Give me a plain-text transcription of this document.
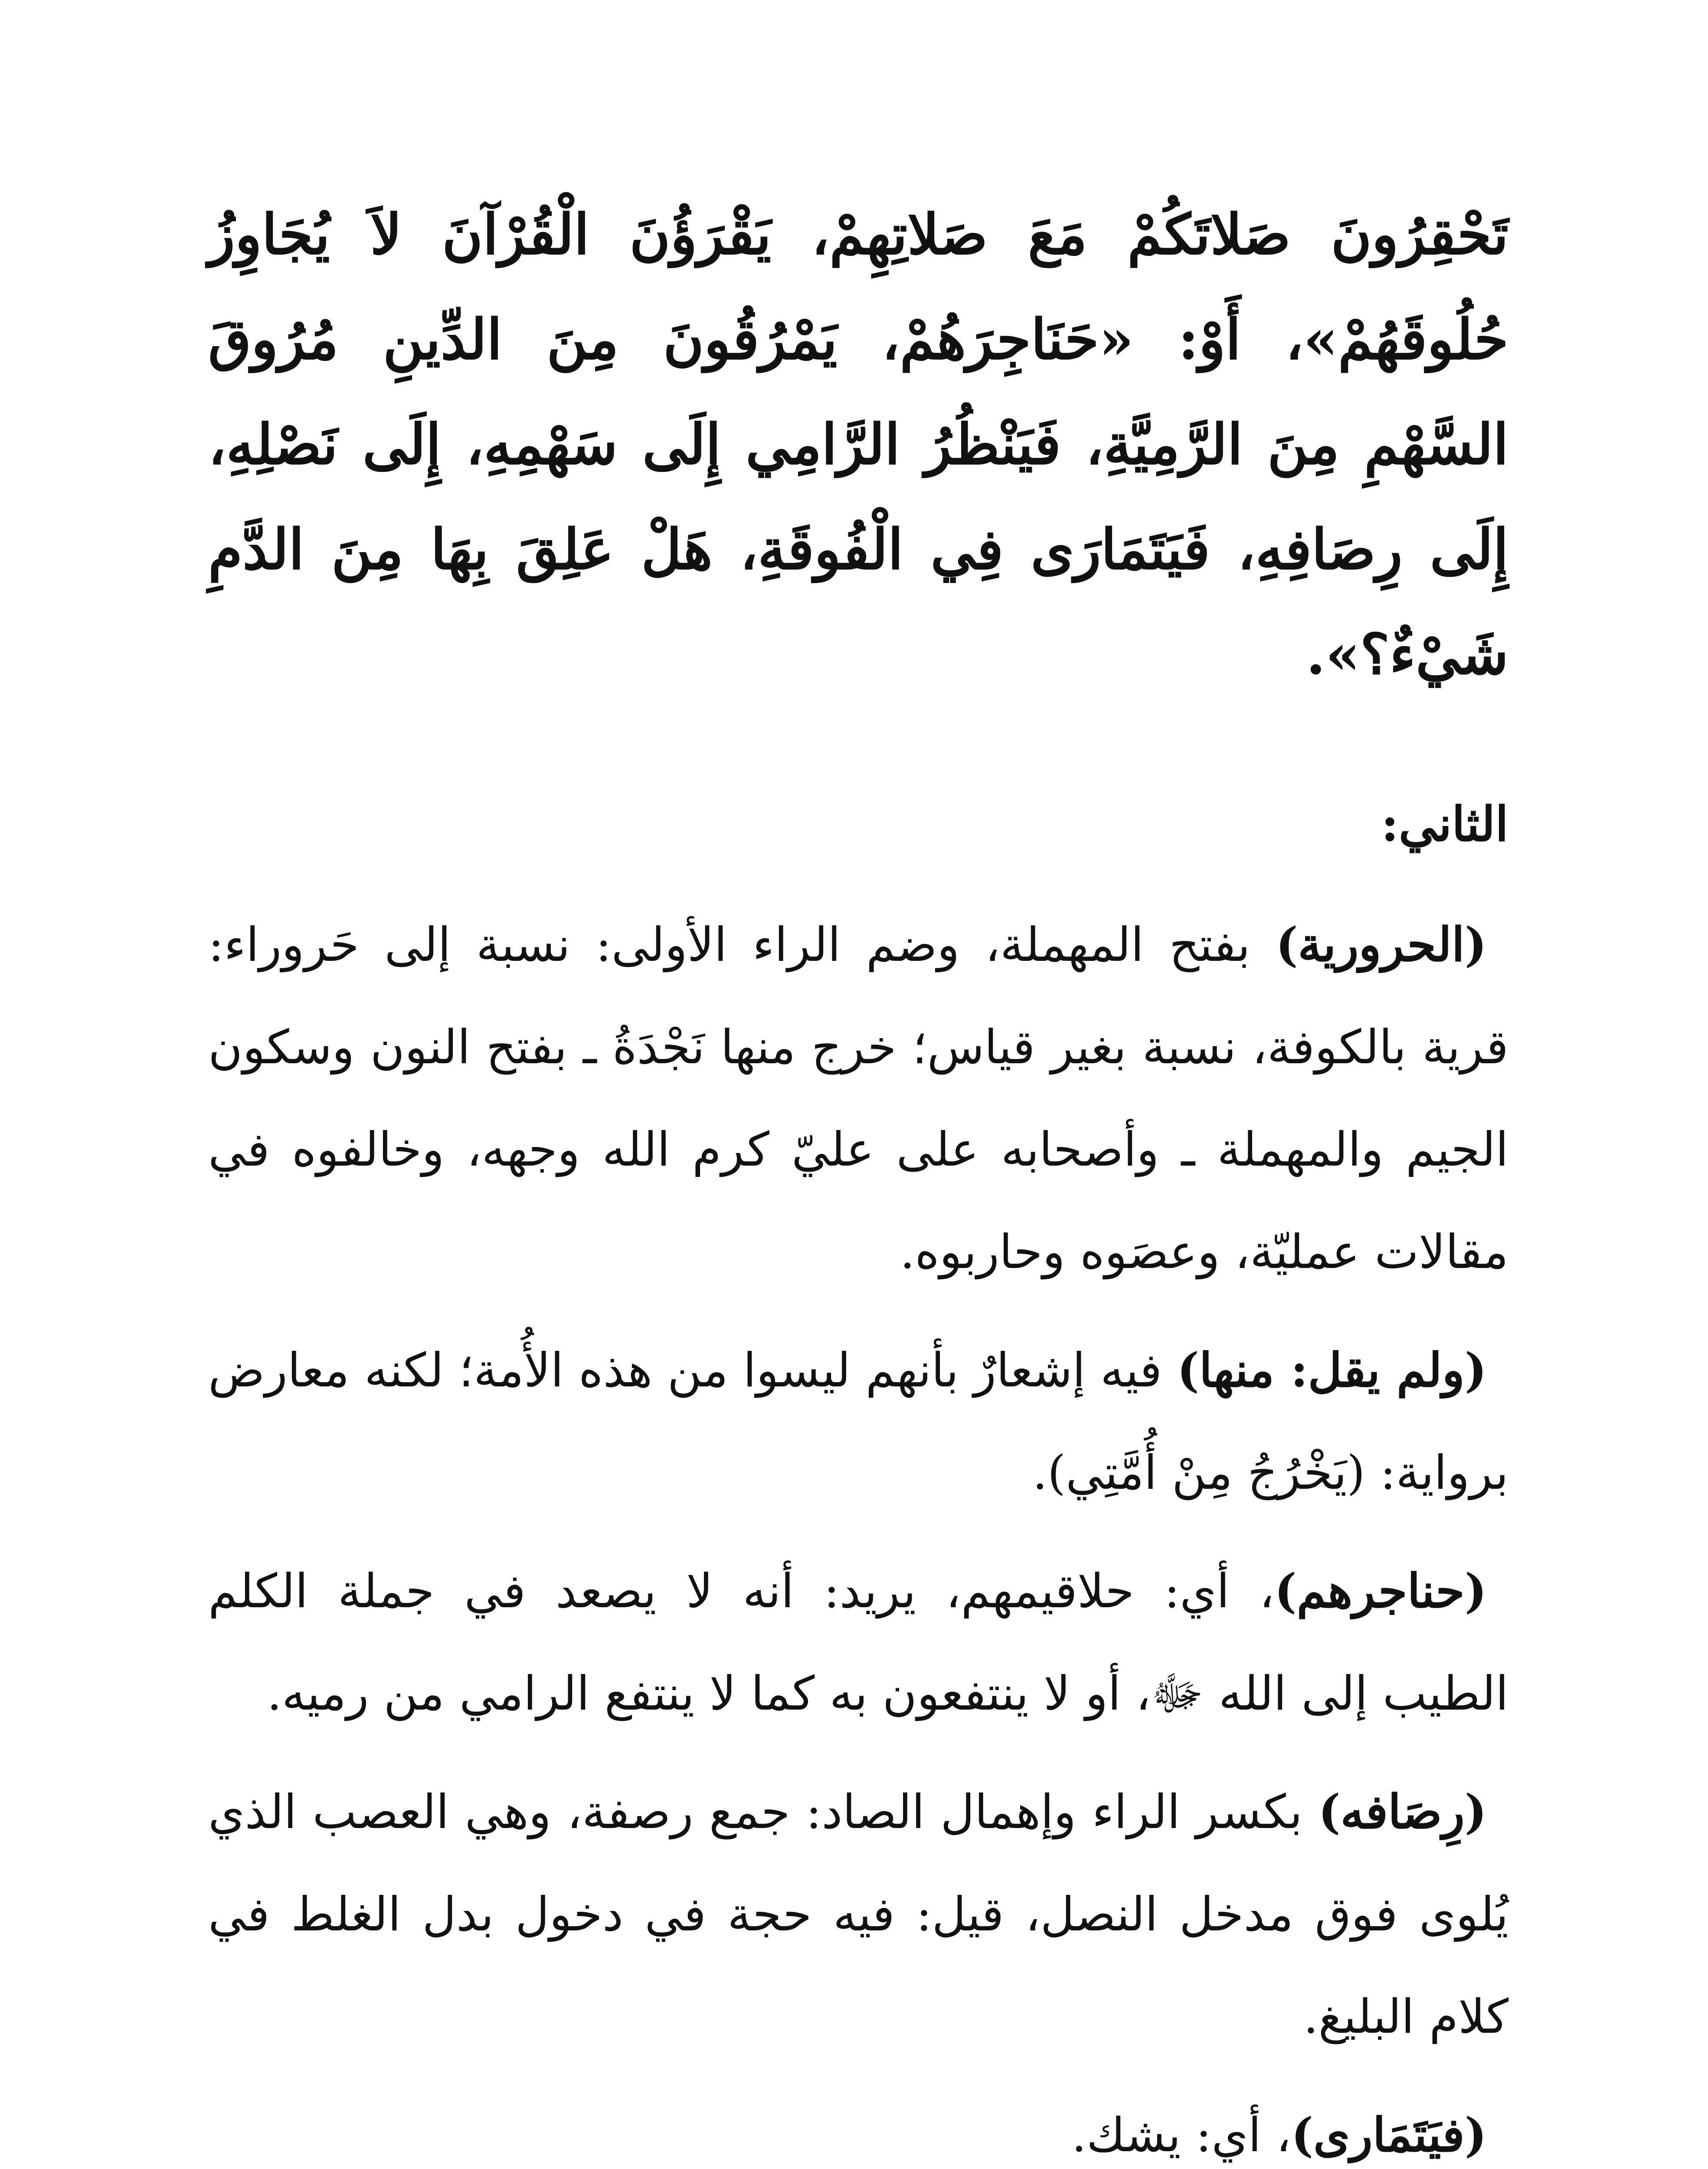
تَحْقِرُونَ صَلاتَكُمْ مَعَ صَلاتِهِمْ، يَقْرَؤُنَ الْقُرْآنَ لاَ يُجَاوِزُ حُلُوقَهُمْ»، أَوْ: «حَنَاجِرَهُمْ، يَمْرُقُونَ مِنَ الدِّينِ مُرُوقَ السَّهْمِ مِنَ الرَّمِيَّةِ، فَيَنْظُرُ الرَّامِي إِلَى سَهْمِهِ، إِلَى نَصْلِهِ، إِلَى رِصَافِهِ، فَيَتَمَارَى فِي الْفُوقَةِ، هَلْ عَلِقَ بِهَا مِنَ الدَّمِ شَيْءٌ؟».

الثاني:

(الحرورية) بفتح المهملة، وضم الراء الأولى: نسبة إلى حَروراء: قرية بالكوفة، نسبة بغير قياس؛ خرج منها نَجْدَةُ ـ بفتح النون وسكون الجيم والمهملة ـ وأصحابه على عليّ كرم الله وجهه، وخالفوه في مقالات عمليّة، وعصَوه وحاربوه.

(ولم يقل: منها) فيه إشعارٌ بأنهم ليسوا من هذه الأُمة؛ لكنه معارض برواية: (يَخْرُجُ مِنْ أُمَّتِي).

(حناجرهم)، أي: حلاقيمهم، يريد: أنه لا يصعد في جملة الكلم الطيب إلى الله ﷻ، أو لا ينتفعون به كما لا ينتفع الرامي من رميه.

(رِصَافه) بكسر الراء وإهمال الصاد: جمع رصفة، وهي العصب الذي يُلوى فوق مدخل النصل، قيل: فيه حجة في دخول بدل الغلط في كلام البليغ.

(فيَتَمَارى)، أي: يشك.
